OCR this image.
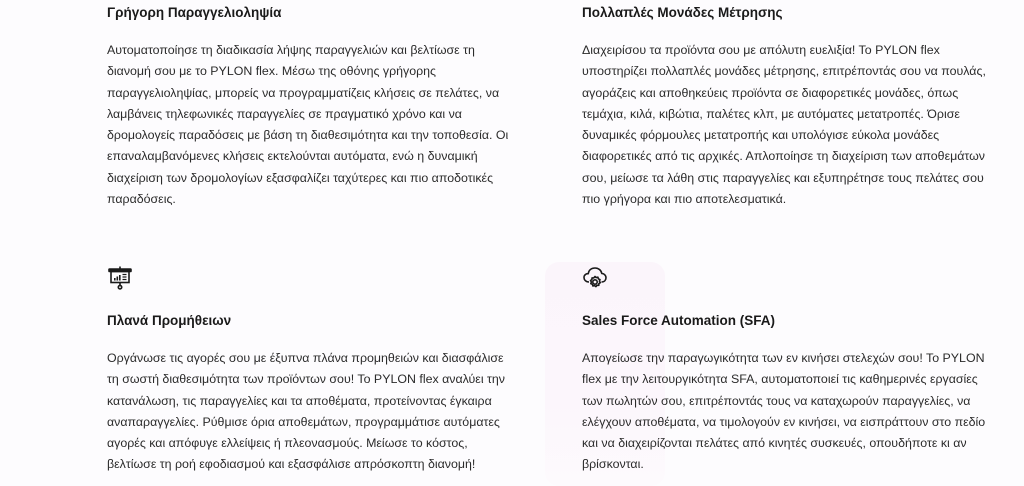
Γρήγορη Παραγγελιοληψία

Αυτοματοποίησε τη διαδικασία λήψης παραγγελιών και βελτίωσε τη διανομή σου με το PYLON flex. Μέσω της οθόνης γρήγορης παραγγελιοληψίας, μπορείς να προγραμματίζεις κλήσεις σε πελάτες, να λαμβάνεις τηλεφωνικές παραγγελίες σε πραγματικό χρόνο και να δρομολογείς παραδόσεις με βάση τη διαθεσιμότητα και την τοποθεσία. Οι επαναλαμβανόμενες κλήσεις εκτελούνται αυτόματα, ενώ η δυναμική διαχείριση των δρομολογίων εξασφαλίζει ταχύτερες και πιο αποδοτικές παραδόσεις.

Πολλαπλές Μονάδες Μέτρησης

Διαχειρίσου τα προϊόντα σου με απόλυτη ευελιξία! Το PYLON flex υποστηρίζει πολλαπλές μονάδες μέτρησης, επιτρέποντάς σου να πουλάς, αγοράζεις και αποθηκεύεις προϊόντα σε διαφορετικές μονάδες, όπως τεμάχια, κιλά, κιβώτια, παλέτες κλπ, με αυτόματες μετατροπές. Όρισε δυναμικές φόρμουλες μετατροπής και υπολόγισε εύκολα μονάδες διαφορετικές από τις αρχικές. Απλοποίησε τη διαχείριση των αποθεμάτων σου, μείωσε τα λάθη στις παραγγελίες και εξυπηρέτησε τους πελάτες σου πιο γρήγορα και πιο αποτελεσματικά.

Πλανά Προμήθειων

Οργάνωσε τις αγορές σου με έξυπνα πλάνα προμηθειών και διασφάλισε τη σωστή διαθεσιμότητα των προϊόντων σου! Το PYLON flex αναλύει την κατανάλωση, τις παραγγελίες και τα αποθέματα, προτείνοντας έγκαιρα αναπαραγγελίες. Ρύθμισε όρια αποθεμάτων, προγραμμάτισε αυτόματες αγορές και απόφυγε ελλείψεις ή πλεονασμούς. Μείωσε το κόστος, βελτίωσε τη ροή εφοδιασμού και εξασφάλισε απρόσκοπτη διανομή!

Sales Force Automation (SFA)

Απογείωσε την παραγωγικότητα των εν κινήσει στελεχών σου! Το PYLON flex με την λειτουργικότητα SFA, αυτοματοποιεί τις καθημερινές εργασίες των πωλητών σου, επιτρέποντάς τους να καταχωρούν παραγγελίες, να ελέγχουν αποθέματα, να τιμολογούν εν κινήσει, να εισπράττουν στο πεδίο και να διαχειρίζονται πελάτες από κινητές συσκευές, οπουδήποτε κι αν βρίσκονται.
